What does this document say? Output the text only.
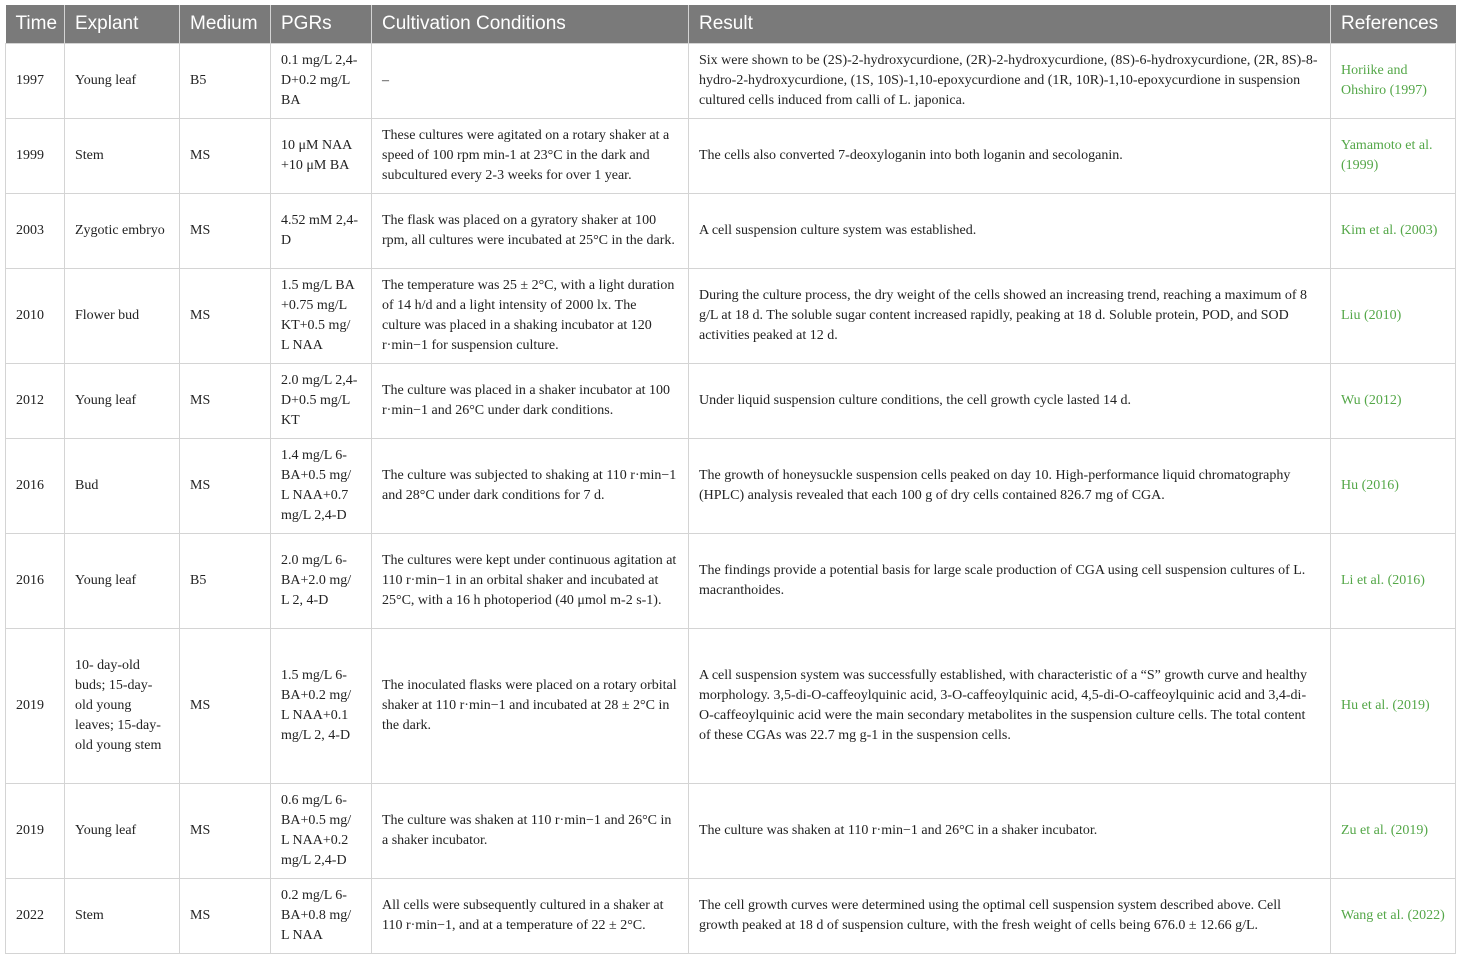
Time	Explant	Medium	PGRs	Cultivation Conditions	Result	References
1997	Young leaf	B5	0.1 mg/L 2,4-D+0.2 mg/L BA	–	Six were shown to be (2S)-2-hydroxycurdione, (2R)-2-hydroxycurdione, (8S)-6-hydroxycurdione, (2R, 8S)-8-hydro-2-hydroxycurdione, (1S, 10S)-1,10-epoxycurdione and (1R, 10R)-1,10-epoxycurdione in suspension cultured cells induced from calli of L. japonica.	Horiike and Ohshiro (1997)
1999	Stem	MS	10 μM NAA +10 μM BA	These cultures were agitated on a rotary shaker at a speed of 100 rpm min-1 at 23°C in the dark and subcultured every 2-3 weeks for over 1 year.	The cells also converted 7-deoxyloganin into both loganin and secologanin.	Yamamoto et al. (1999)
2003	Zygotic embryo	MS	4.52 mM 2,4-D	The flask was placed on a gyratory shaker at 100 rpm, all cultures were incubated at 25°C in the dark.	A cell suspension culture system was established.	Kim et al. (2003)
2010	Flower bud	MS	1.5 mg/L BA +0.75 mg/L KT+0.5 mg/ L NAA	The temperature was 25 ± 2°C, with a light duration of 14 h/d and a light intensity of 2000 lx. The culture was placed in a shaking incubator at 120 r·min−1 for suspension culture.	During the culture process, the dry weight of the cells showed an increasing trend, reaching a maximum of 8 g/L at 18 d. The soluble sugar content increased rapidly, peaking at 18 d. Soluble protein, POD, and SOD activities peaked at 12 d.	Liu (2010)
2012	Young leaf	MS	2.0 mg/L 2,4-D+0.5 mg/L KT	The culture was placed in a shaker incubator at 100 r·min−1 and 26°C under dark conditions.	Under liquid suspension culture conditions, the cell growth cycle lasted 14 d.	Wu (2012)
2016	Bud	MS	1.4 mg/L 6-BA+0.5 mg/ L NAA+0.7 mg/L 2,4-D	The culture was subjected to shaking at 110 r·min−1 and 28°C under dark conditions for 7 d.	The growth of honeysuckle suspension cells peaked on day 10. High-performance liquid chromatography (HPLC) analysis revealed that each 100 g of dry cells contained 826.7 mg of CGA.	Hu (2016)
2016	Young leaf	B5	2.0 mg/L 6-BA+2.0 mg/ L 2, 4-D	The cultures were kept under continuous agitation at 110 r·min−1 in an orbital shaker and incubated at 25°C, with a 16 h photoperiod (40 μmol m-2 s-1).	The findings provide a potential basis for large scale production of CGA using cell suspension cultures of L. macranthoides.	Li et al. (2016)
2019	10- day-old buds; 15-day-old young leaves; 15-day-old young stem	MS	1.5 mg/L 6-BA+0.2 mg/ L NAA+0.1 mg/L 2, 4-D	The inoculated flasks were placed on a rotary orbital shaker at 110 r·min−1 and incubated at 28 ± 2°C in the dark.	A cell suspension system was successfully established, with characteristic of a “S” growth curve and healthy morphology. 3,5-di-O-caffeoylquinic acid, 3-O-caffeoylquinic acid, 4,5-di-O-caffeoylquinic acid and 3,4-di-O-caffeoylquinic acid were the main secondary metabolites in the suspension culture cells. The total content of these CGAs was 22.7 mg g-1 in the suspension cells.	Hu et al. (2019)
2019	Young leaf	MS	0.6 mg/L 6-BA+0.5 mg/ L NAA+0.2 mg/L 2,4-D	The culture was shaken at 110 r·min−1 and 26°C in a shaker incubator.	The culture was shaken at 110 r·min−1 and 26°C in a shaker incubator.	Zu et al. (2019)
2022	Stem	MS	0.2 mg/L 6-BA+0.8 mg/ L NAA	All cells were subsequently cultured in a shaker at 110 r·min−1, and at a temperature of 22 ± 2°C.	The cell growth curves were determined using the optimal cell suspension system described above. Cell growth peaked at 18 d of suspension culture, with the fresh weight of cells being 676.0 ± 12.66 g/L.	Wang et al. (2022)
